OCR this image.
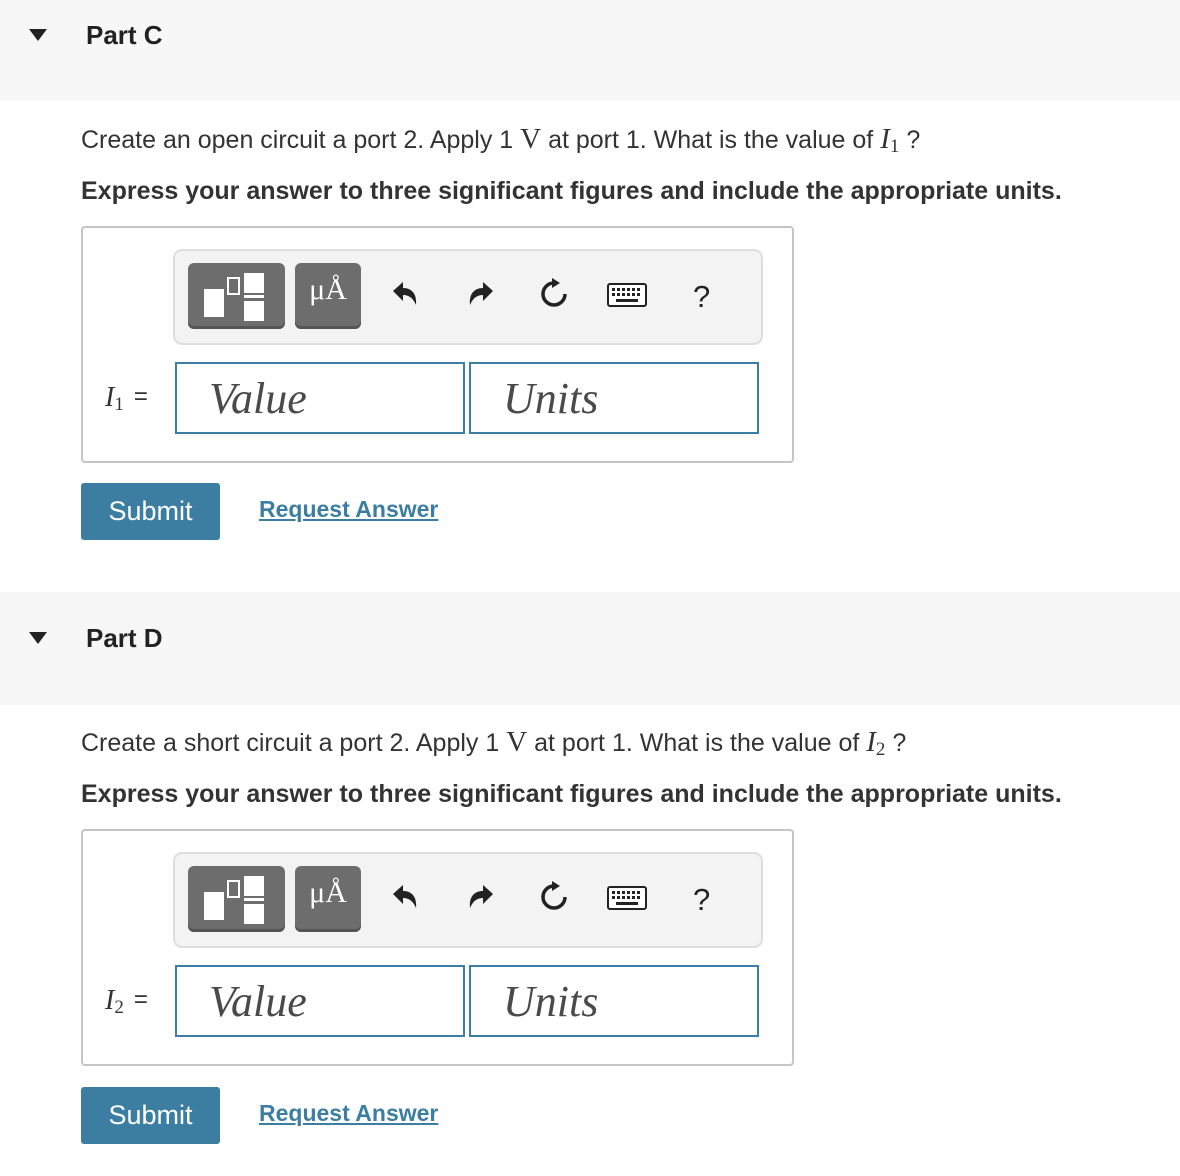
Part C
Create an open circuit a port 2. Apply 1 V at port 1. What is the value of $I_1$ ?
Express your answer to three significant figures and include the appropriate units.
μÅ	?
$I_1$ =
Value
Units
Submit	Request Answer
Part D
Create a short circuit a port 2. Apply 1 V at port 1. What is the value of $I_2$ ?
Express your answer to three significant figures and include the appropriate units.
μÅ	?
$I_2$ =
Value
Units
Submit	Request Answer
